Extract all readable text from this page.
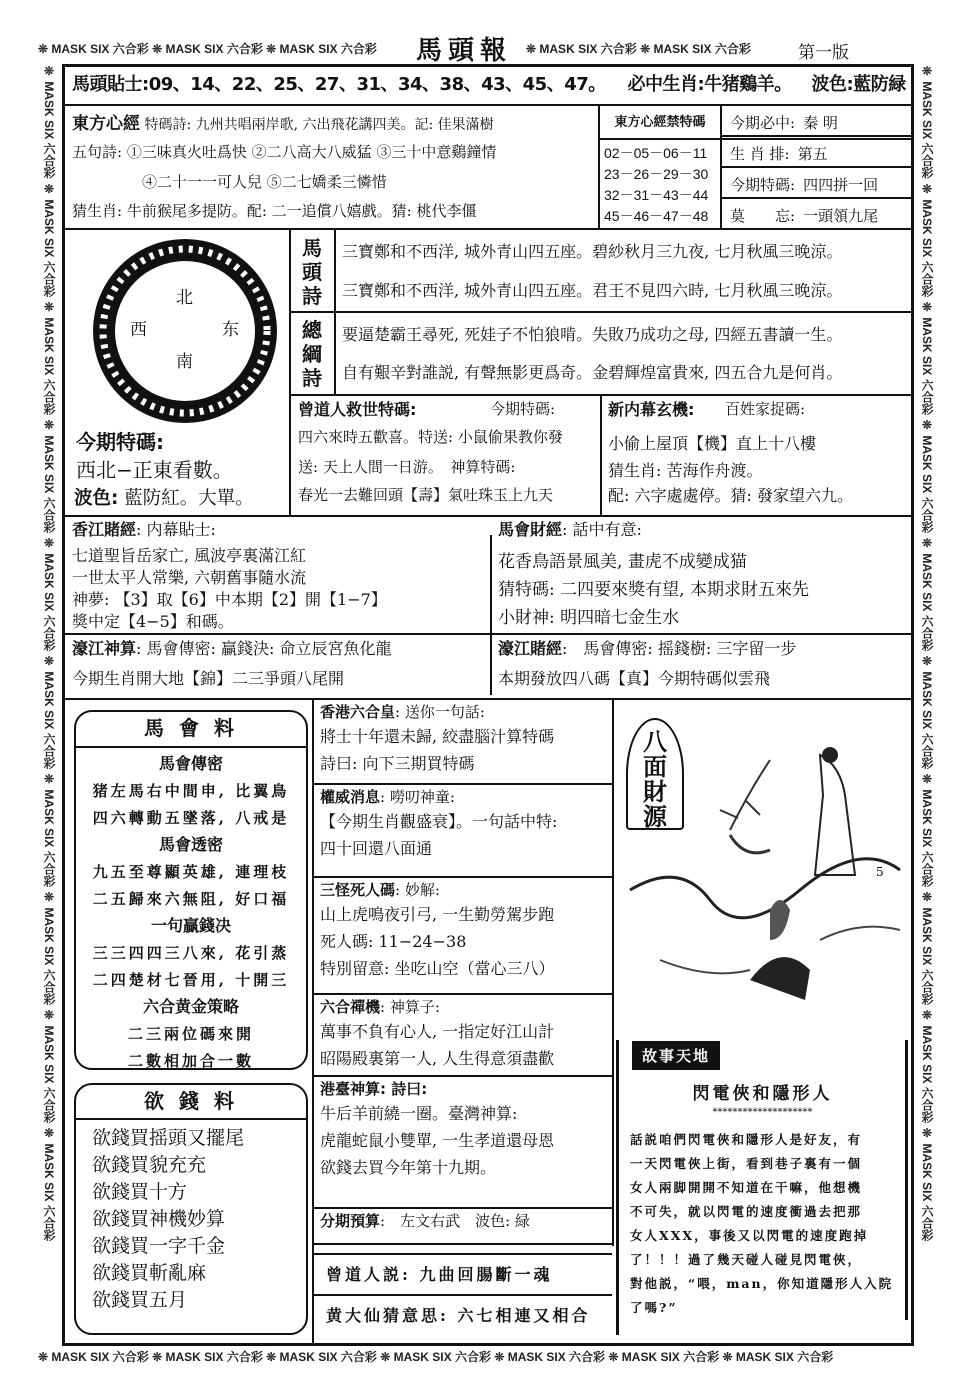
❊ MASK SIX 六合彩 ❊ MASK SIX 六合彩 ❊ MASK SIX 六合彩	❊ MASK SIX 六合彩 ❊ MASK SIX 六合彩
❊ MASK SIX 六合彩 ❊ MASK SIX 六合彩 ❊ MASK SIX 六合彩 ❊ MASK SIX 六合彩 ❊ MASK SIX 六合彩 ❊ MASK SIX 六合彩 ❊ MASK SIX 六合彩
❊ MASK SIX 六合彩 ❊ MASK SIX 六合彩 ❊ MASK SIX 六合彩 ❊ MASK SIX 六合彩 ❊ MASK SIX 六合彩 ❊ MASK SIX 六合彩 ❊ MASK SIX 六合彩 ❊ MASK SIX 六合彩 ❊ MASK SIX 六合彩 ❊ MASK SIX 六合彩
❊ MASK SIX 六合彩 ❊ MASK SIX 六合彩 ❊ MASK SIX 六合彩 ❊ MASK SIX 六合彩 ❊ MASK SIX 六合彩 ❊ MASK SIX 六合彩 ❊ MASK SIX 六合彩 ❊ MASK SIX 六合彩 ❊ MASK SIX 六合彩 ❊ MASK SIX 六合彩
馬頭報	第一版
馬頭貼士:09、14、22、25、27、31、34、38、43、45、47。 必中生肖:牛猪鷄羊。 波色:藍防緑
東方心經 特碼詩: 九州共唱兩岸歌, 六出飛花講四美。記: 佳果滿樹
五句詩: ①三味真火吐爲快 ②二八高大八威猛 ③三十中意鷄鐘情
④二十一一可人兒 ⑤二七嬌柔三憐惜
猜生肖: 牛前猴尾多提防。配: 二一追償八嬉戲。猜: 桃代李僵
東方心經禁特碼
02－05－06－11
23－26－29－30
32－31－43－44
45－46－47－48
今期必中: 秦 明
生 肖 排: 第五
今期特碼: 四四拼一回
莫　　忘: 一頭領九尾
北
西	东
南
今期特碼:
西北−正東看數。
波色: 藍防紅。大單。
馬頭詩
三寶鄭和不西洋, 城外青山四五座。碧紗秋月三九夜, 七月秋風三晚涼。
三寶鄭和不西洋, 城外青山四五座。君王不見四六時, 七月秋風三晚涼。
總綱詩
要逼楚霸王尋死, 死娃子不怕狼啃。失敗乃成功之母, 四經五書讀一生。
自有艱辛對誰説, 有聲無影更爲奇。金碧輝煌富貴來, 四五合九是何肖。
曾道人救世特碼:	今期特碼:
四六來時五歡喜。特送: 小鼠偷果教你發
送: 天上人間一日游。　神算特碼:
春光一去難回頭【壽】氣吐珠玉上九天
新内幕玄機: 百姓家捉碼:
小偷上屋頂【機】直上十八樓
猜生肖: 苦海作舟渡。
配: 六字處處停。猜: 發家望六九。
香江賭經: 内幕貼士:
七道聖旨岳家亡, 風波亭裏滿江紅
一世太平人常樂, 六朝舊事隨水流
神夢: 【3】取【6】中本期【2】開【1−7】
獎中定【4−5】和碼。
馬會財經: 話中有意:
花香鳥語景風美, 畫虎不成變成猫
猜特碼: 二四要來獎有望, 本期求財五來先
小財神: 明四暗七金生水
濠江神算: 馬會傳密: 贏錢決: 命立辰宮魚化龍
今期生肖開大地【錦】二三爭頭八尾開
濠江賭經:　馬會傳密: 摇錢樹: 三字留一步
本期發放四八碼【真】今期特碼似雲飛
馬 會 料
馬會傳密
猪左馬右中間申, 比翼鳥
四六轉動五墜落, 八戒是
馬會透密
九五至尊顯英雄, 連理枝
二五歸來六無阻, 好口福
一句贏錢决
三三四四三八來, 花引蒸
二四楚材七晉用, 十開三
六合黄金策略
二三兩位碼來開
二數相加合一數
欲 錢 料
欲錢買摇頭又擺尾
欲錢買貌充充
欲錢買十方
欲錢買神機妙算
欲錢買一字千金
欲錢買斬亂麻
欲錢買五月
香港六合皇: 送你一句話:
將士十年還未歸, 絞盡腦汁算特碼
詩曰: 向下三期買特碼
權威消息: 嘮叨神童:
【今期生肖觀盛衰】。一句話中特:
四十回還八面通
三怪死人碼: 妙解:
山上虎鳴夜引弓, 一生勤勞駕步跑
死人碼: 11−24−38
特別留意: 坐吃山空（當心三八）
六合禪機: 神算子:
萬事不負有心人, 一指定好江山計
昭陽殿裏第一人, 人生得意須盡歡
港臺神算: 詩曰:
牛后羊前繞一圈。臺灣神算:
虎龍蛇鼠小雙單, 一生孝道還母恩
欲錢去買今年第十九期。
分期預算:　左文右武　波色: 緑
曾道人説: 九曲回腸斷一魂
黄大仙猜意思: 六七相連又相合
八
面
財
源
5
故事天地
閃電俠和隱形人
********************
話説咱們閃電俠和隱形人是好友，有
一天閃電俠上街，看到巷子裏有一個
女人兩脚開開不知道在干嘛，他想機
不可失，就以閃電的速度衝過去把那
女人XXX，事後又以閃電的速度跑掉
了！！！過了幾天碰人碰見閃電俠，
對他説，“喂，man，你知道隱形人入院
了嗎?”
